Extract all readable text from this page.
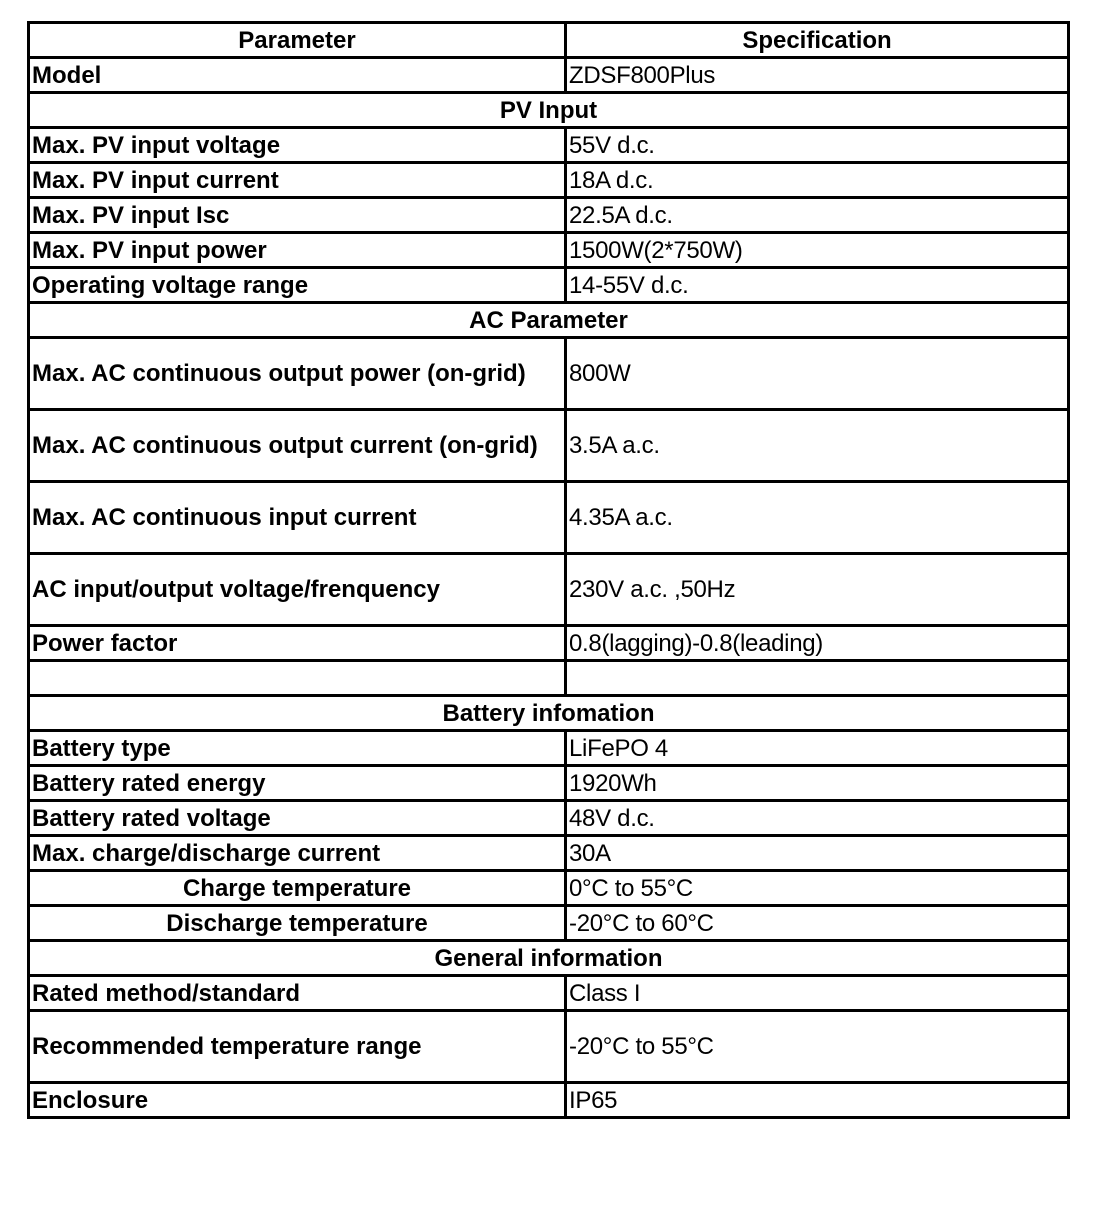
Parameter	Specification
Model	ZDSF800Plus
PV Input	
Max. PV input voltage	55V d.c.
Max. PV input current	18A d.c.
Max. PV input Isc	22.5A d.c.
Max. PV input power	1500W(2*750W)
Operating voltage range	14-55V d.c.
AC Parameter	
Max. AC continuous output power (on-grid)	800W
Max. AC continuous output current (on-grid)	3.5A a.c.
Max. AC continuous input current	4.35A a.c.
AC input/output voltage/frenquency	230V a.c. ,50Hz
Power factor	0.8(lagging)-0.8(leading)

Battery infomation	
Battery type	LiFePO 4
Battery rated energy	1920Wh
Battery rated voltage	48V d.c.
Max. charge/discharge current	30A
Charge temperature	0°C to 55°C
Discharge temperature	-20°C to 60°C
General information	
Rated method/standard	Class I
Recommended temperature range	-20°C to 55°C
Enclosure	IP65
